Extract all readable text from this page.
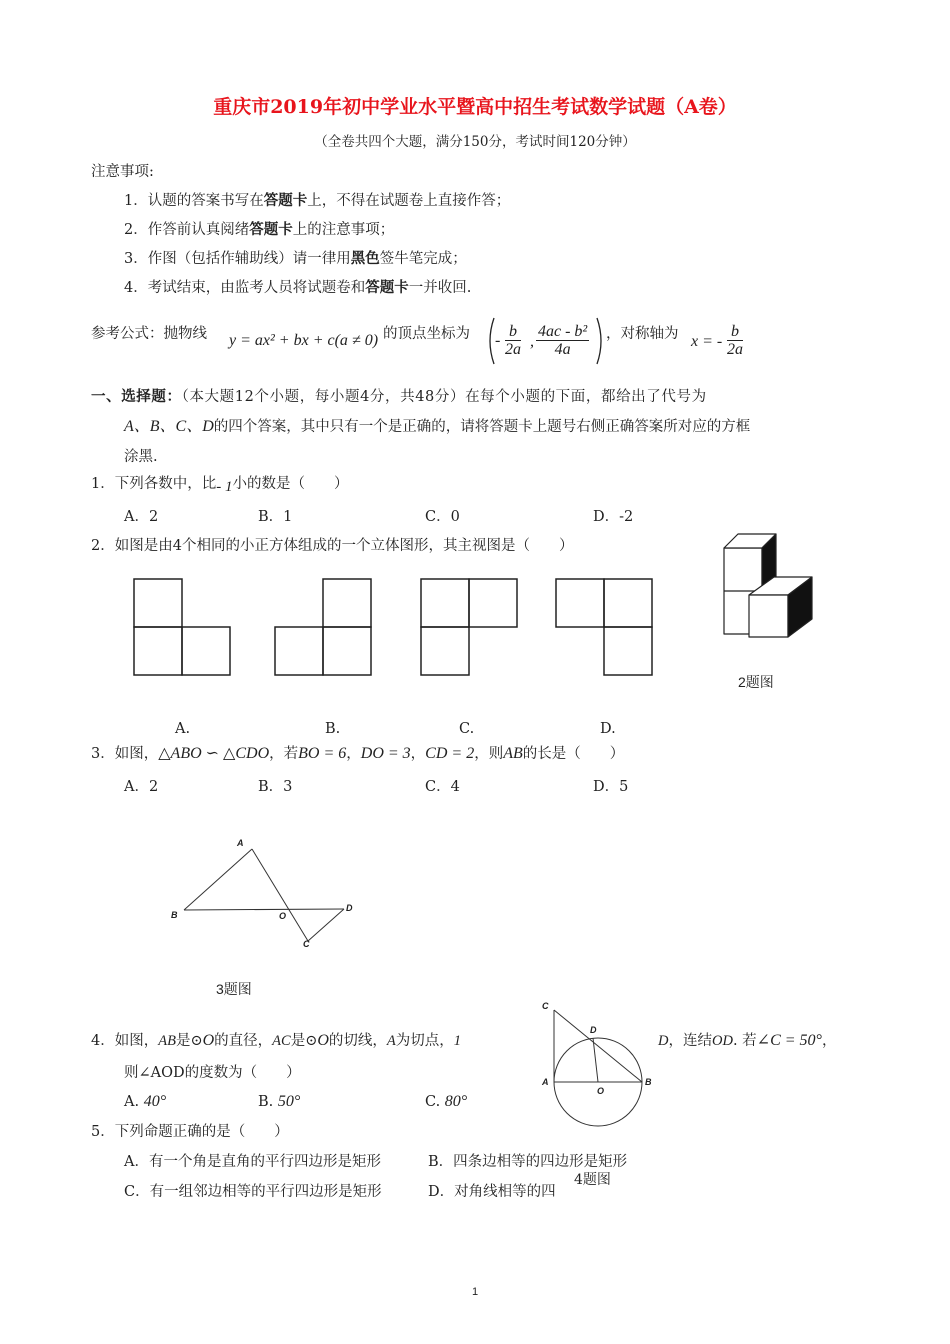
重庆市2019年初中学业水平暨高中招生考试数学试题（A卷）
（全卷共四个大题，满分150分，考试时间120分钟）
注意事项:
1．认题的答案书写在答题卡上，不得在试题卷上直接作答；
2．作答前认真阅绪答题卡上的注意事项；
3．作图（包括作辅助线）请一律用黑色签牛笔完成；
4．考试结束，由监考人员将试题卷和答题卡一并收回.
参考公式：抛物线 y = ax² + bx + c(a ≠ 0) 的顶点坐标为 - $\frac{b}{2a}$ , $\frac{\text{4ac - b²}}{4a}$ ，对称轴为 x = - $\frac{b}{2a}$
一、选择题：（本大题12个小题，每小题4分，共48分）在每个小题的下面，都给出了代号为
A、B、C、D的四个答案，其中只有一个是正确的，请将答题卡上题号右侧正确答案所对应的方框
涂黑.
1．下列各数中，比- 1小的数是（　　）
A．2	B．1	C．0	D．-2
2．如图是由4个相同的小正方体组成的一个立体图形，其主视图是（　　）
2题图
A.	B.	C.	D.
3．如图，△ABO ∽ △CDO，若BO = 6，DO = 3，CD = 2，则AB的长是（　　）
A．2	B．3	C．4	D．5
A
B	O
D
C
3题图
4．如图，AB是⊙O的直径，AC是⊙O的切线，A为切点，1	D，连结OD. 若∠C = 50°，
则∠AOD的度数为（　　）
A. 40°	B. 50°	C. 80°
C
D
A
O
B
5．下列命题正确的是（　　）
A．有一个角是直角的平行四边形是矩形	B．四条边相等的四边形是矩形
C．有一组邻边相等的平行四边形是矩形	D．对角线相等的四
4题图
1
